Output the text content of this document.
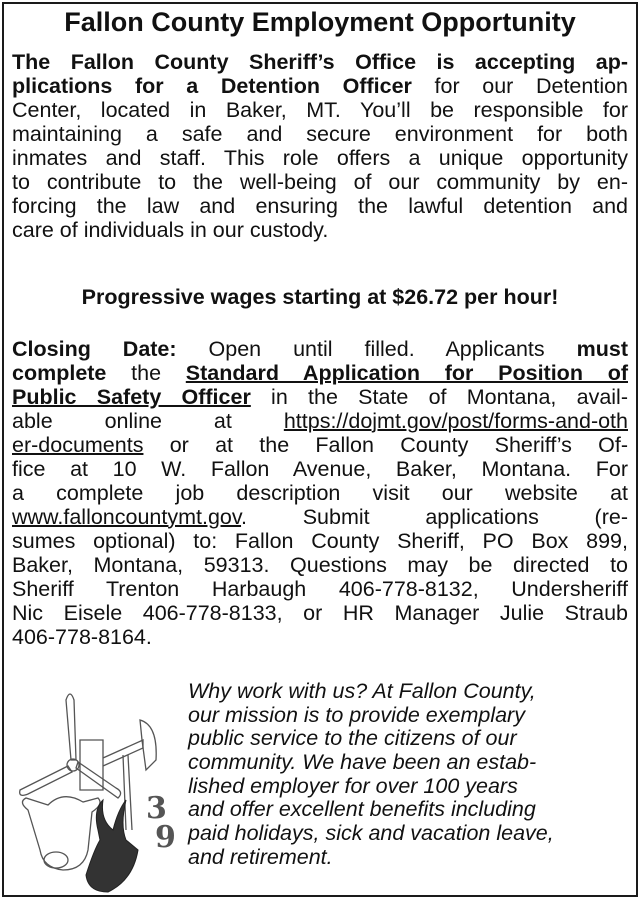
Fallon County Employment Opportunity
The Fallon County Sheriff’s Office is accepting ap-
plications for a Detention Officer for our Detention
Center, located in Baker, MT. You’ll be responsible for
maintaining a safe and secure environment for both
inmates and staff. This role offers a unique opportunity
to contribute to the well-being of our community by en-
forcing the law and ensuring the lawful detention and
care of individuals in our custody.
Progressive wages starting at $26.72 per hour!
Closing Date: Open until filled. Applicants must
complete the Standard Application for Position of
Public Safety Officer in the State of Montana, avail-
able online at https://dojmt.gov/post/forms-and-oth
er-documents or at the Fallon County Sheriff’s Of-
fice at 10 W. Fallon Avenue, Baker, Montana. For
a complete job description visit our website at
www.falloncountymt.gov. Submit applications (re-
sumes optional) to: Fallon County Sheriff, PO Box 899,
Baker, Montana, 59313. Questions may be directed to
Sheriff Trenton Harbaugh 406-778-8132, Undersheriff
Nic Eisele 406-778-8133, or HR Manager Julie Straub
406-778-8164.
3
9
Why work with us? At Fallon County,
our mission is to provide exemplary
public service to the citizens of our
community. We have been an estab-
lished employer for over 100 years
and offer excellent benefits including
paid holidays, sick and vacation leave,
and retirement.
